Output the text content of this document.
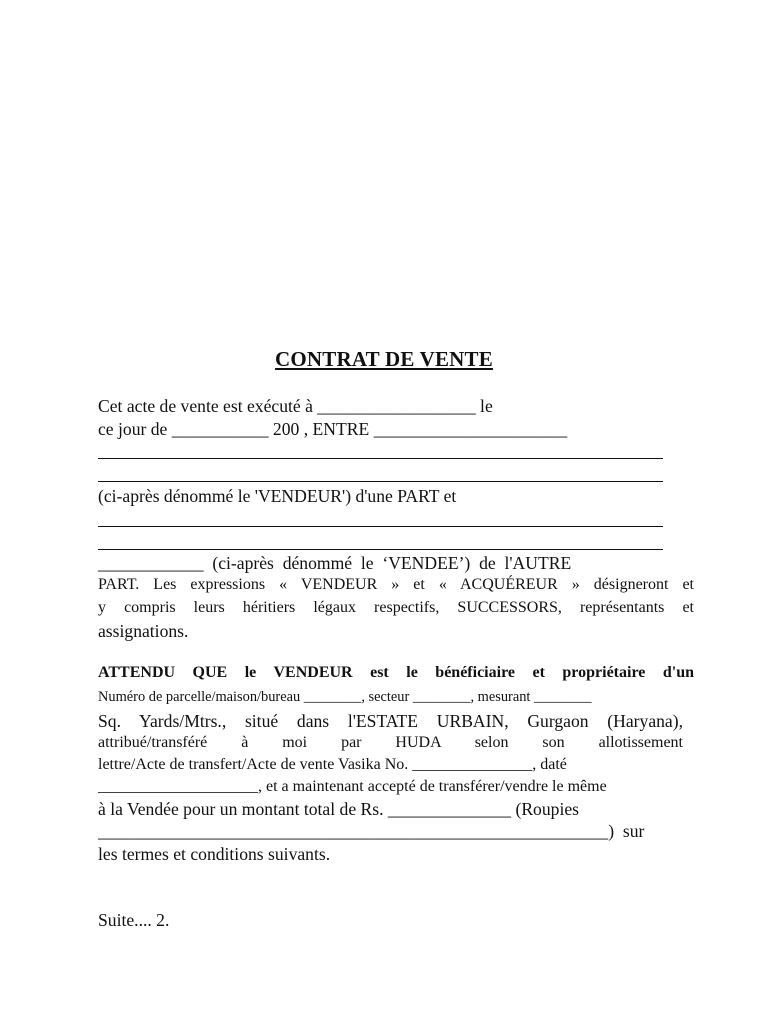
CONTRAT DE VENTE
Cet acte de vente est exécuté à __________________ le
ce jour de ___________ 200 , ENTRE ______________________
(ci-après dénommé le 'VENDEUR') d'une PART et
____________  (ci-après  dénommé  le  ‘VENDEE’)  de  l'AUTRE
PART. Les expressions « VENDEUR » et « ACQUÉREUR » désigneront et
y compris leurs héritiers légaux respectifs, SUCCESSORS, représentants et
assignations.
ATTENDU QUE le VENDEUR est le bénéficiaire et propriétaire d'un
Numéro de parcelle/maison/bureau ________, secteur ________, mesurant ________
Sq. Yards/Mtrs., situé dans l'ESTATE URBAIN, Gurgaon (Haryana),
attribué/transféré à moi par HUDA selon son allotissement
lettre/Acte de transfert/Acte de vente Vasika No. _______________, daté
____________________, et a maintenant accepté de transférer/vendre le même
à la Vendée pour un montant total de Rs. ______________ (Roupies
__________________________________________________________)  sur
les termes et conditions suivants.
Suite.... 2.
